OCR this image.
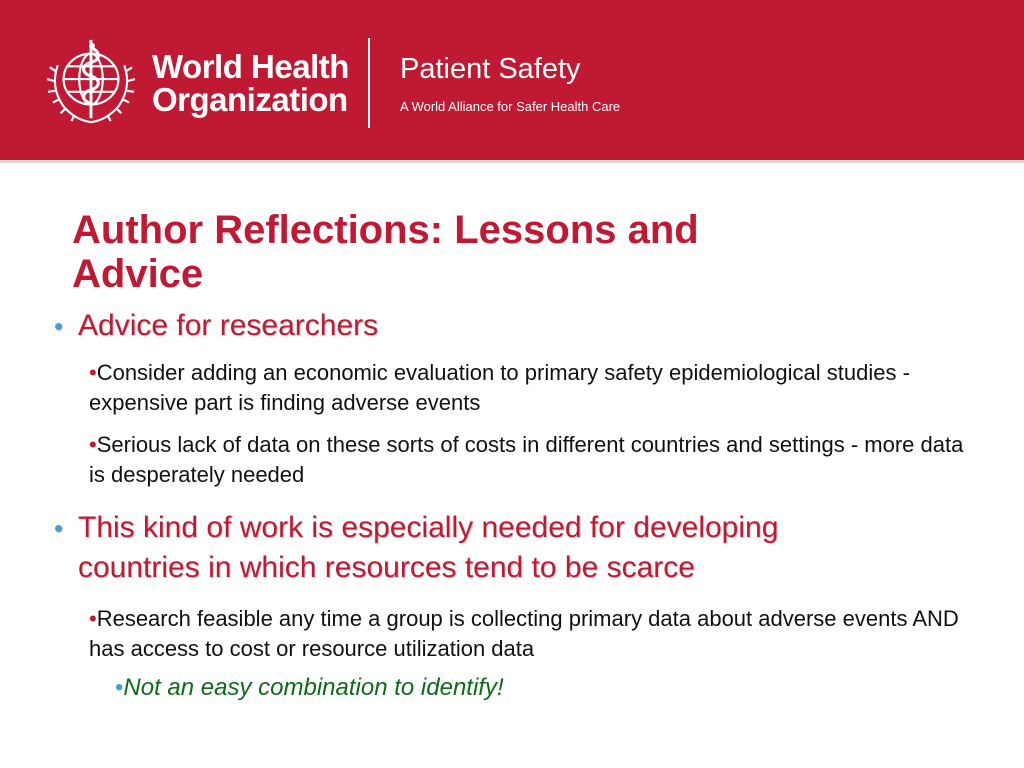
World Health
Organization
Patient Safety
A World Alliance for Safer Health Care
Author Reflections: Lessons and Advice
• Advice for researchers
•Consider adding an economic evaluation to primary safety epidemiological studies - expensive part is finding adverse events
•Serious lack of data on these sorts of costs in different countries and settings - more data is desperately needed
• This kind of work is especially needed for developing countries in which resources tend to be scarce
•Research feasible any time a group is collecting primary data about adverse events AND has access to cost or resource utilization data
•Not an easy combination to identify!
